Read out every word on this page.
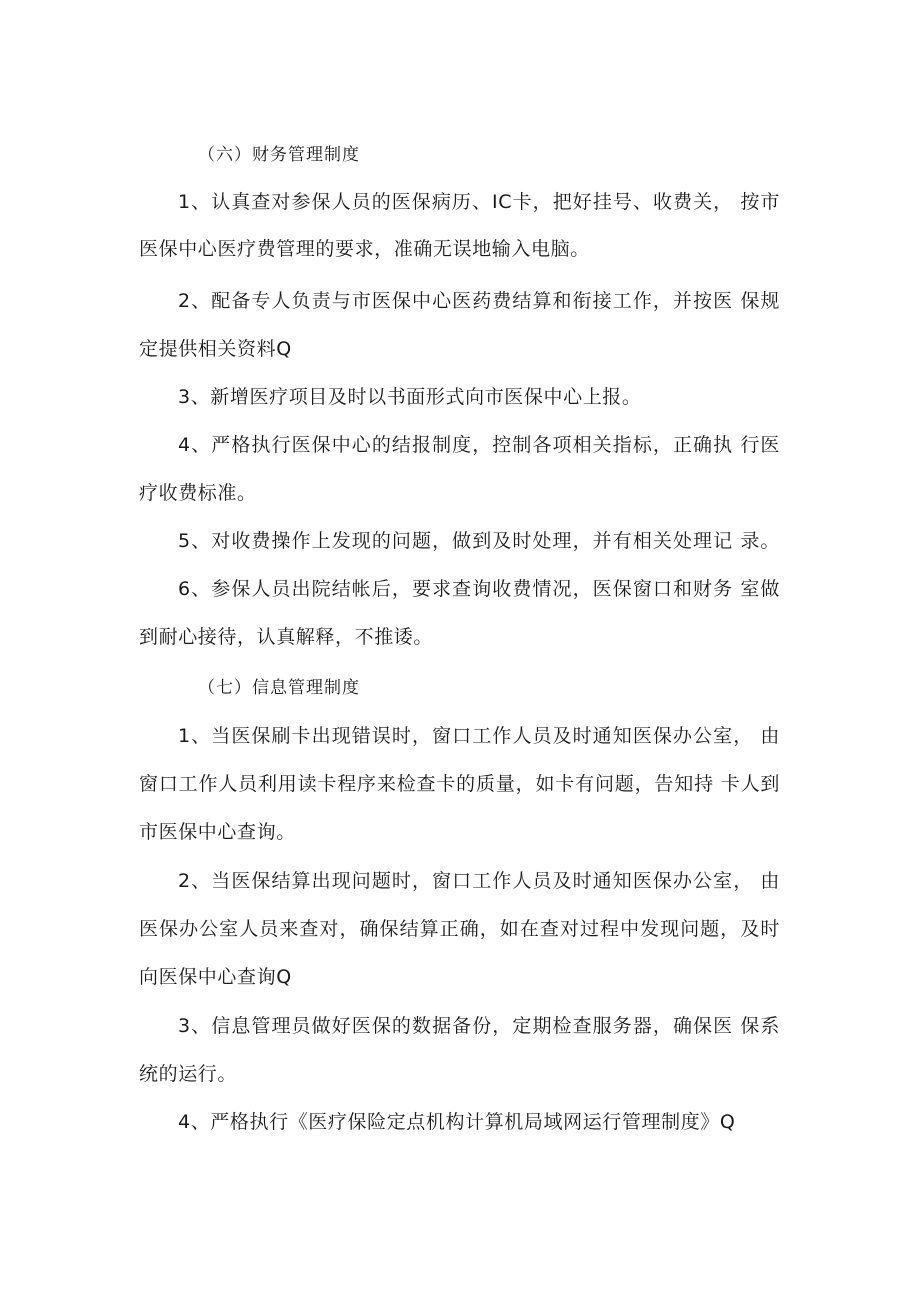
（六）财务管理制度
1、认真查对参保人员的医保病历、IC卡，把好挂号、收费关， 按市
医保中心医疗费管理的要求，准确无误地输入电脑。
2、配备专人负责与市医保中心医药费结算和衔接工作，并按医 保规
定提供相关资料Q
3、新增医疗项目及时以书面形式向市医保中心上报。
4、严格执行医保中心的结报制度，控制各项相关指标，正确执 行医
疗收费标准。
5、对收费操作上发现的问题，做到及时处理，并有相关处理记 录。
6、参保人员出院结帐后，要求查询收费情况，医保窗口和财务 室做
到耐心接待，认真解释，不推诿。
（七）信息管理制度
1、当医保刷卡出现错误时，窗口工作人员及时通知医保办公室， 由
窗口工作人员利用读卡程序来检查卡的质量，如卡有问题，告知持 卡人到
市医保中心查询。
2、当医保结算出现问题时，窗口工作人员及时通知医保办公室， 由
医保办公室人员来查对，确保结算正确，如在查对过程中发现问题，及时
向医保中心查询Q
3、信息管理员做好医保的数据备份，定期检查服务器，确保医 保系
统的运行。
4、严格执行《医疗保险定点机构计算机局域网运行管理制度》Q
